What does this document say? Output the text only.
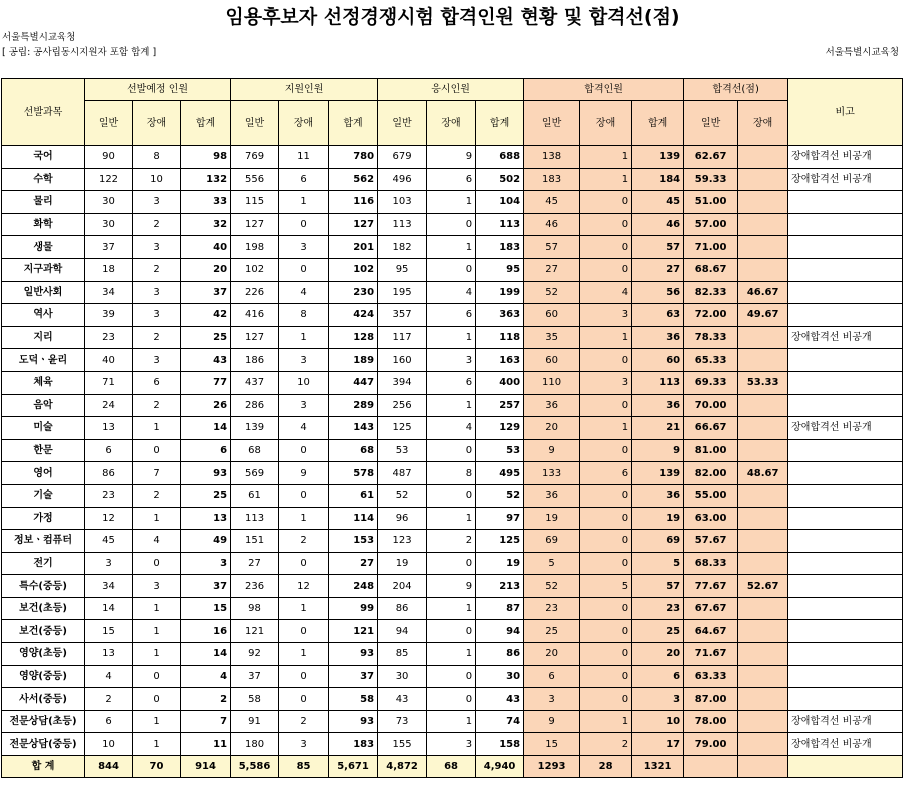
임용후보자 선정경쟁시험 합격인원 현황 및 합격선(점)
서울특별시교육청
[ 공립: 공사립동시지원자 포함 합계 ]	서울특별시교육청
선발과목	선발예정 인원			지원인원			응시인원			합격인원			합격선(점)		비고
	일반	장애	합계	일반	장애	합계	일반	장애	합계	일반	장애	합계	일반	장애	
국어	90	8	98	769	11	780	679	9	688	138	1	139	62.67		장애합격선 비공개
수학	122	10	132	556	6	562	496	6	502	183	1	184	59.33		장애합격선 비공개
물리	30	3	33	115	1	116	103	1	104	45	0	45	51.00		
화학	30	2	32	127	0	127	113	0	113	46	0	46	57.00		
생물	37	3	40	198	3	201	182	1	183	57	0	57	71.00		
지구과학	18	2	20	102	0	102	95	0	95	27	0	27	68.67		
일반사회	34	3	37	226	4	230	195	4	199	52	4	56	82.33	46.67	
역사	39	3	42	416	8	424	357	6	363	60	3	63	72.00	49.67	
지리	23	2	25	127	1	128	117	1	118	35	1	36	78.33		장애합격선 비공개
도덕ㆍ윤리	40	3	43	186	3	189	160	3	163	60	0	60	65.33		
체육	71	6	77	437	10	447	394	6	400	110	3	113	69.33	53.33	
음악	24	2	26	286	3	289	256	1	257	36	0	36	70.00		
미술	13	1	14	139	4	143	125	4	129	20	1	21	66.67		장애합격선 비공개
한문	6	0	6	68	0	68	53	0	53	9	0	9	81.00		
영어	86	7	93	569	9	578	487	8	495	133	6	139	82.00	48.67	
기술	23	2	25	61	0	61	52	0	52	36	0	36	55.00		
가정	12	1	13	113	1	114	96	1	97	19	0	19	63.00		
정보ㆍ컴퓨터	45	4	49	151	2	153	123	2	125	69	0	69	57.67		
전기	3	0	3	27	0	27	19	0	19	5	0	5	68.33		
특수(중등)	34	3	37	236	12	248	204	9	213	52	5	57	77.67	52.67	
보건(초등)	14	1	15	98	1	99	86	1	87	23	0	23	67.67		
보건(중등)	15	1	16	121	0	121	94	0	94	25	0	25	64.67		
영양(초등)	13	1	14	92	1	93	85	1	86	20	0	20	71.67		
영양(중등)	4	0	4	37	0	37	30	0	30	6	0	6	63.33		
사서(중등)	2	0	2	58	0	58	43	0	43	3	0	3	87.00		
전문상담(초등)	6	1	7	91	2	93	73	1	74	9	1	10	78.00		장애합격선 비공개
전문상담(중등)	10	1	11	180	3	183	155	3	158	15	2	17	79.00		장애합격선 비공개
합 계	844	70	914	5,586	85	5,671	4,872	68	4,940	1293	28	1321			
